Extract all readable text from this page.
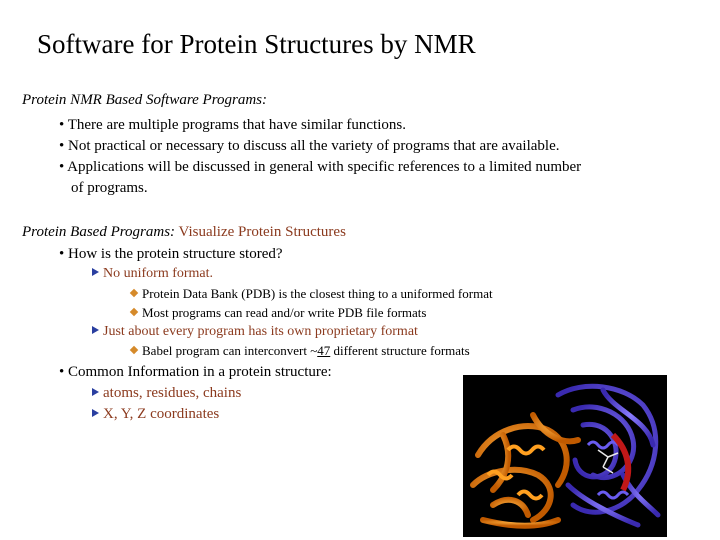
Software for Protein Structures by NMR
Protein NMR Based Software Programs:
• There are multiple programs that have similar functions.
• Not practical or necessary to discuss all the variety of programs that are available.
• Applications will be discussed in general with specific references to a limited number
of programs.
Protein Based Programs: Visualize Protein Structures
• How is the protein structure stored?
No uniform format.
Protein Data Bank (PDB) is the closest thing to a uniformed format
Most programs can read and/or write PDB file formats
Just about every program has its own proprietary format
Babel program can interconvert ~47 different structure formats
• Common Information in a protein structure:
atoms, residues, chains
X, Y, Z coordinates
